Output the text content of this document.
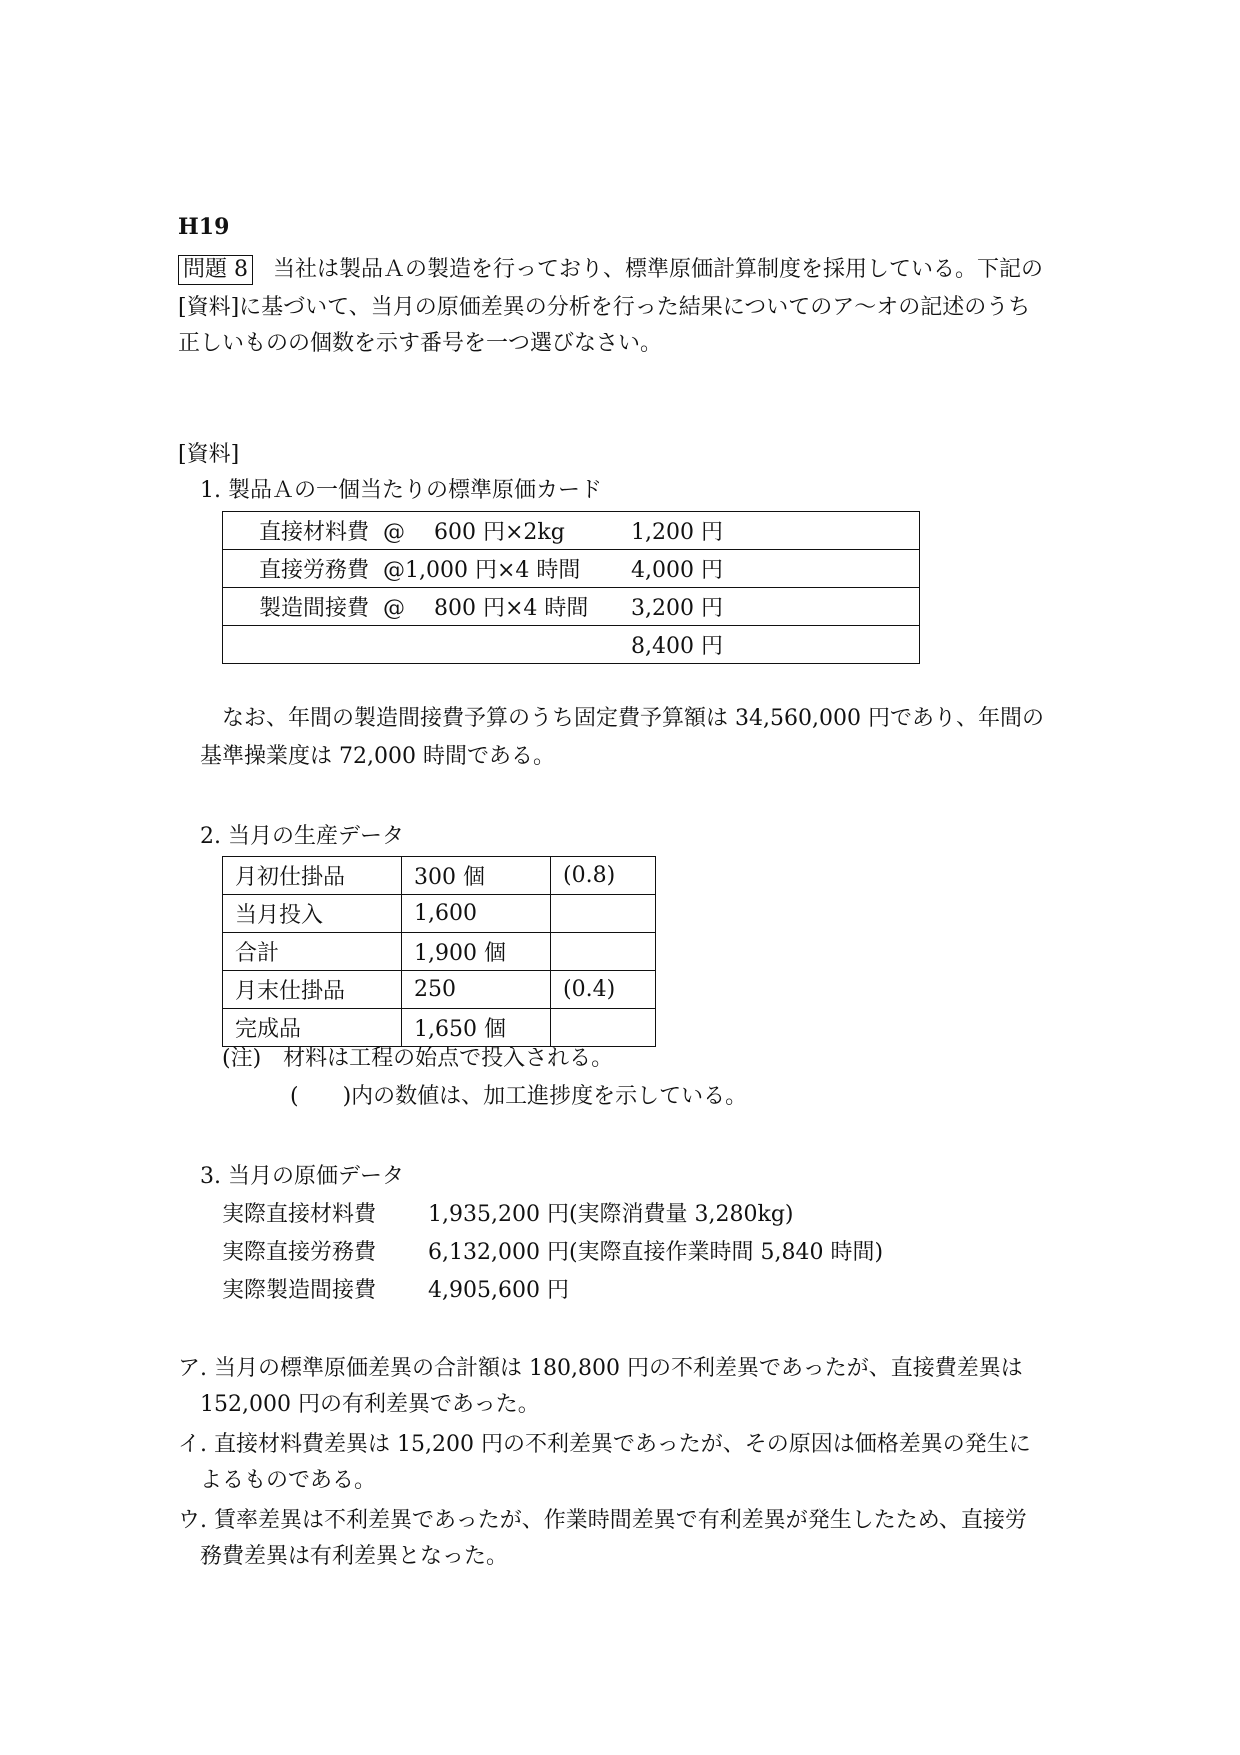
H19
問題 8 当社は製品Ａの製造を行っており、標準原価計算制度を採用している。下記の
[資料]に基づいて、当月の原価差異の分析を行った結果についてのア～オの記述のうち
正しいものの個数を示す番号を一つ選びなさい。
[資料]
1. 製品Ａの一個当たりの標準原価カード
直接材料費 @　 600 円×2kg	1,200 円
直接労務費 @1,000 円×4 時間 4,000 円
製造間接費 @　 800 円×4 時間 3,200 円
8,400 円
なお、年間の製造間接費予算のうち固定費予算額は 34,560,000 円であり、年間の
基準操業度は 72,000 時間である。
2. 当月の生産データ
月初仕掛品	300 個	(0.8)
当月投入	1,600	
合計	1,900 個	
月末仕掛品	250	(0.4)
完成品	1,650 個	
(注)　材料は工程の始点で投入される。
(　　)内の数値は、加工進捗度を示している。
3. 当月の原価データ
実際直接材料費 1,935,200 円(実際消費量 3,280kg)
実際直接労務費 6,132,000 円(実際直接作業時間 5,840 時間)
実際製造間接費 4,905,600 円
ア. 当月の標準原価差異の合計額は 180,800 円の不利差異であったが、直接費差異は
152,000 円の有利差異であった。
イ. 直接材料費差異は 15,200 円の不利差異であったが、その原因は価格差異の発生に
よるものである。
ウ. 賃率差異は不利差異であったが、作業時間差異で有利差異が発生したため、直接労
務費差異は有利差異となった。
